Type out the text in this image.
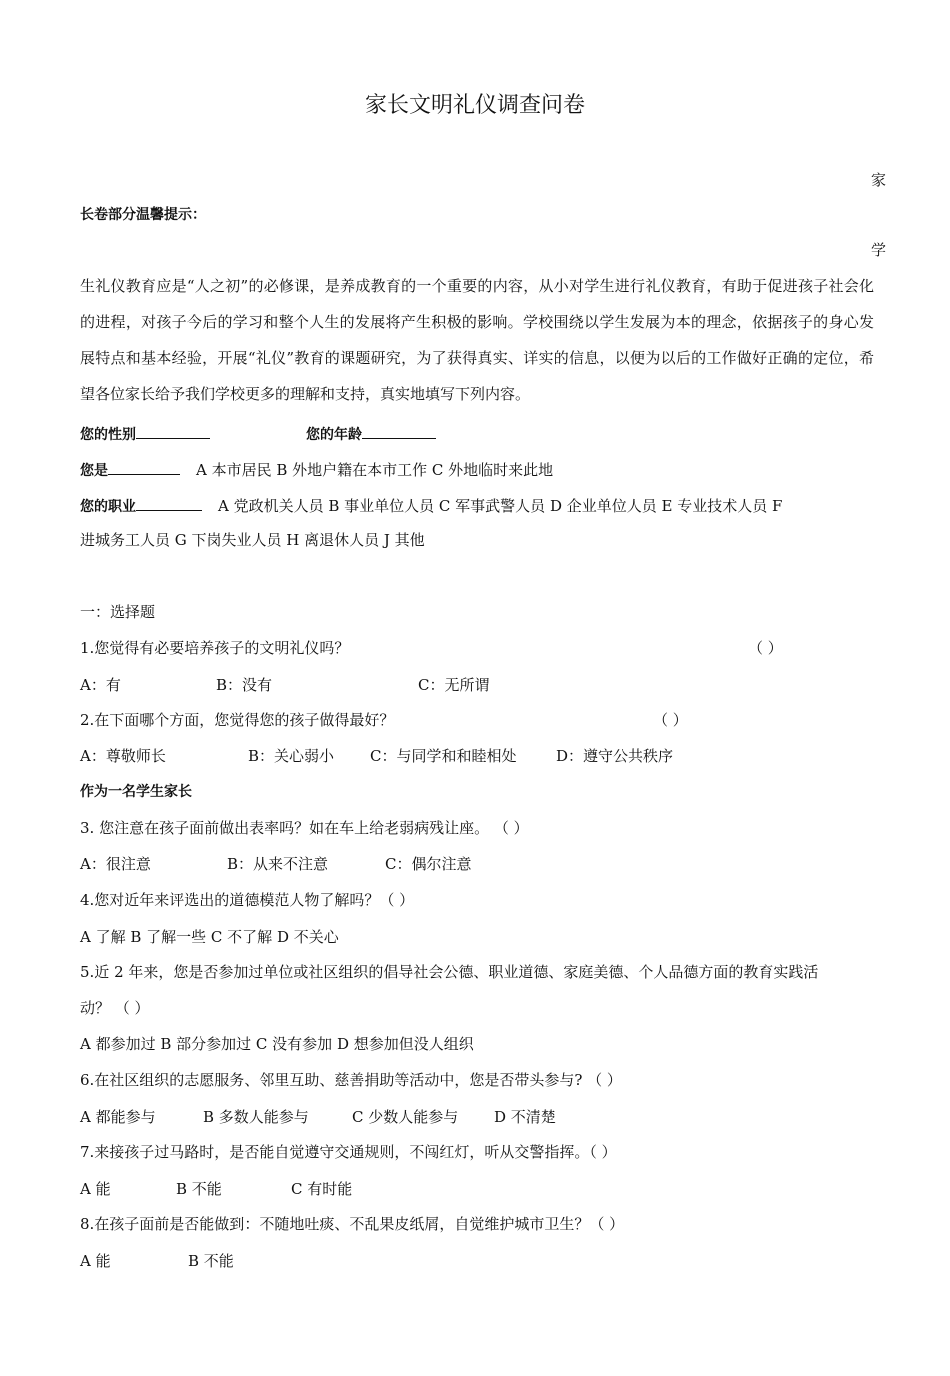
家长文明礼仪调查问卷
家
长卷部分温馨提示：
学
生礼仪教育应是“人之初”的必修课，是养成教育的一个重要的内容，从小对学生进行礼仪教育，有助于促进孩子社会化的进程，对孩子今后的学习和整个人生的发展将产生积极的影响。学校围绕以学生发展为本的理念，依据孩子的身心发展特点和基本经验，开展“礼仪”教育的课题研究，为了获得真实、详实的信息，以便为以后的工作做好正确的定位，希望各位家长给予我们学校更多的理解和支持，真实地填写下列内容。
您的性别	您的年龄
您是	A 本市居民 B 外地户籍在本市工作 C 外地临时来此地
您的职业	A 党政机关人员 B 事业单位人员 C 军事武警人员 D 企业单位人员 E 专业技术人员 F
进城务工人员 G 下岗失业人员 H 离退休人员 J 其他
一：选择题
1.您觉得有必要培养孩子的文明礼仪吗？	（ ）
A：有	B：没有	C：无所谓
2.在下面哪个方面，您觉得您的孩子做得最好？	（ ）
A：尊敬师长	B：关心弱小 C：与同学和和睦相处	D：遵守公共秩序
作为一名学生家长
3. 您注意在孩子面前做出表率吗？如在车上给老弱病残让座。 （ ）
A：很注意	B：从来不注意	C：偶尔注意
4.您对近年来评选出的道德模范人物了解吗？（ ）
A 了解 B 了解一些 C 不了解 D 不关心
5.近 2 年来，您是否参加过单位或社区组织的倡导社会公德、职业道德、家庭美德、个人品德方面的教育实践活
动？ （ ）
A 都参加过 B 部分参加过 C 没有参加 D 想参加但没人组织
6.在社区组织的志愿服务、邻里互助、慈善捐助等活动中，您是否带头参与? （ ）
A 都能参与	B 多数人能参与	C 少数人能参与 D 不清楚
7.来接孩子过马路时，是否能自觉遵守交通规则，不闯红灯，听从交警指挥。（ ）
A 能	B 不能	C 有时能
8.在孩子面前是否能做到：不随地吐痰、不乱果皮纸屑，自觉维护城市卫生？（ ）
A 能	B 不能
